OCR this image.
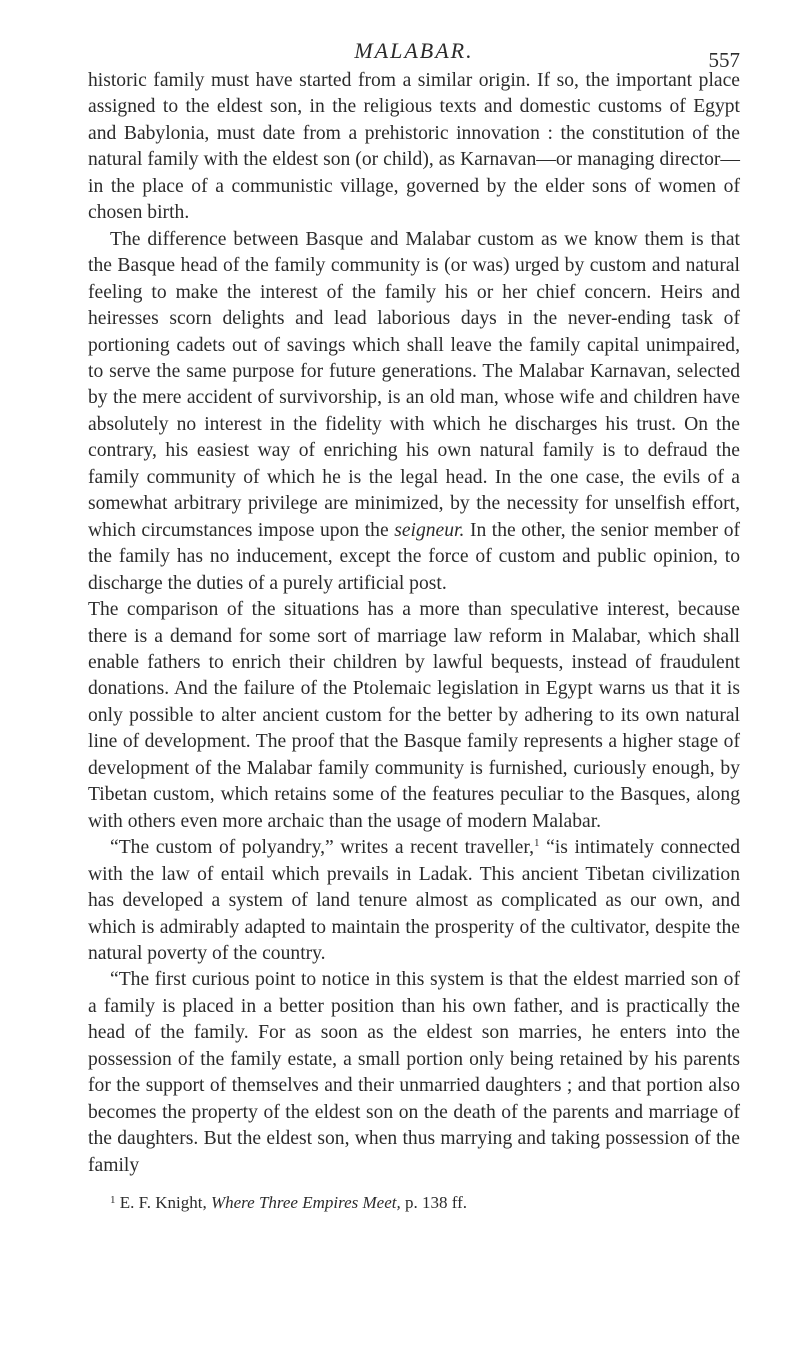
MALABAR.	557

historic family must have started from a similar origin. If so, the important place assigned to the eldest son, in the religious texts and domestic customs of Egypt and Babylonia, must date from a prehistoric innovation : the constitution of the natural family with the eldest son (or child), as Karnavan—or managing director—in the place of a communistic village, governed by the elder sons of women of chosen birth.

The difference between Basque and Malabar custom as we know them is that the Basque head of the family community is (or was) urged by custom and natural feeling to make the interest of the family his or her chief concern. Heirs and heiresses scorn delights and lead laborious days in the never-ending task of portioning cadets out of savings which shall leave the family capital unimpaired, to serve the same purpose for future generations. The Malabar Karnavan, selected by the mere accident of survivorship, is an old man, whose wife and children have absolutely no interest in the fidelity with which he discharges his trust. On the contrary, his easiest way of enriching his own natural family is to defraud the family community of which he is the legal head. In the one case, the evils of a somewhat arbitrary privilege are minimized, by the necessity for unselfish effort, which circumstances impose upon the seigneur. In the other, the senior member of the family has no inducement, except the force of custom and public opinion, to discharge the duties of a purely artificial post.

The comparison of the situations has a more than speculative interest, because there is a demand for some sort of marriage law reform in Malabar, which shall enable fathers to enrich their children by lawful bequests, instead of fraudulent donations. And the failure of the Ptolemaic legislation in Egypt warns us that it is only possible to alter ancient custom for the better by adhering to its own natural line of development. The proof that the Basque family represents a higher stage of development of the Malabar family community is furnished, curiously enough, by Tibetan custom, which retains some of the features peculiar to the Basques, along with others even more archaic than the usage of modern Malabar.

“The custom of polyandry,” writes a recent traveller,$^1$ “is intimately connected with the law of entail which prevails in Ladak. This ancient Tibetan civilization has developed a system of land tenure almost as complicated as our own, and which is admirably adapted to maintain the prosperity of the cultivator, despite the natural poverty of the country.

“The first curious point to notice in this system is that the eldest married son of a family is placed in a better position than his own father, and is practically the head of the family. For as soon as the eldest son marries, he enters into the possession of the family estate, a small portion only being retained by his parents for the support of themselves and their unmarried daughters ; and that portion also becomes the property of the eldest son on the death of the parents and marriage of the daughters. But the eldest son, when thus marrying and taking possession of the family

$^1$ E. F. Knight, Where Three Empires Meet, p. 138 ff.
